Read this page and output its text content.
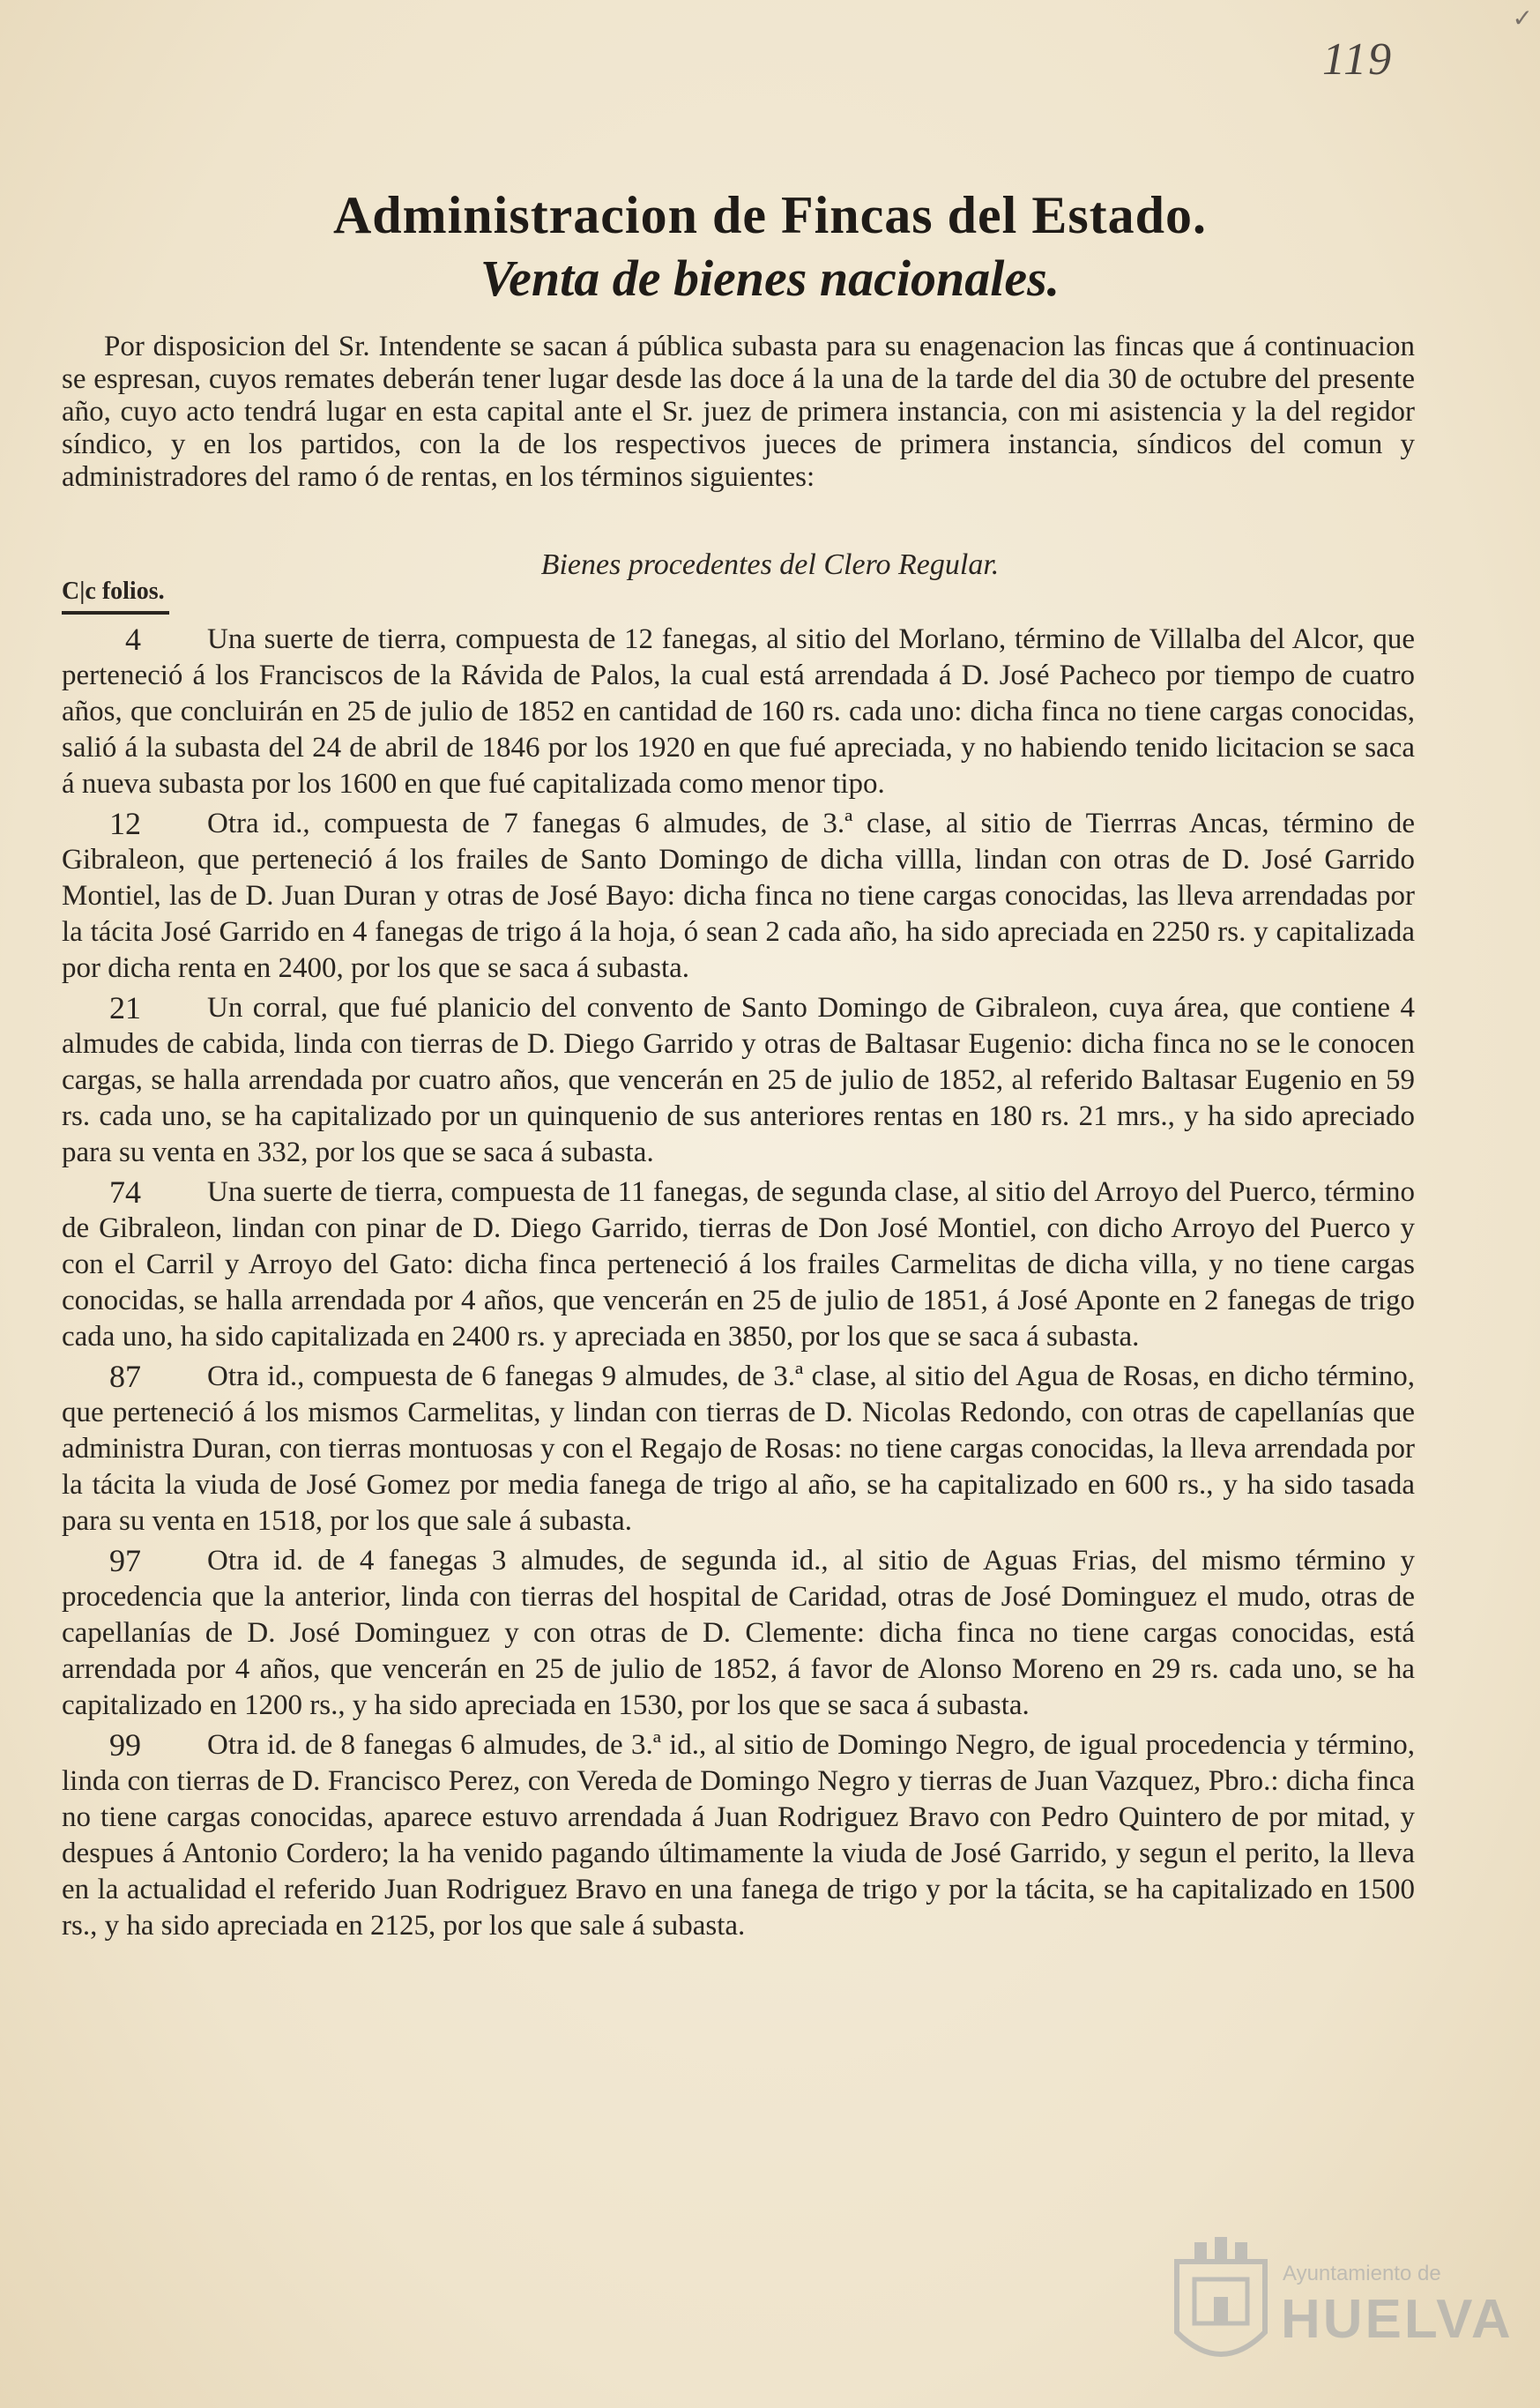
✓
119
Administracion de Fincas del Estado.
Venta de bienes nacionales.
Por disposicion del Sr. Intendente se sacan á pública subasta para su enagenacion las fincas que á continuacion se espresan, cuyos remates deberán tener lugar desde las doce á la una de la tarde del dia 30 de octubre del presente año, cuyo acto tendrá lugar en esta capital ante el Sr. juez de primera instancia, con mi asistencia y la del regidor síndico, y en los partidos, con la de los respectivos jueces de primera instancia, síndicos del comun y administradores del ramo ó de rentas, en los términos siguientes:
Bienes procedentes del Clero Regular.
C|c folios.
4	Una suerte de tierra, compuesta de 12 fanegas, al sitio del Morlano, término de Villalba del Alcor, que perteneció á los Franciscos de la Rávida de Palos, la cual está arrendada á D. José Pacheco por tiempo de cuatro años, que concluirán en 25 de julio de 1852 en cantidad de 160 rs. cada uno: dicha finca no tiene cargas conocidas, salió á la subasta del 24 de abril de 1846 por los 1920 en que fué apreciada, y no habiendo tenido licitacion se saca á nueva subasta por los 1600 en que fué capitalizada como menor tipo.
12	Otra id., compuesta de 7 fanegas 6 almudes, de 3.ª clase, al sitio de Tierrras Ancas, término de Gibraleon, que perteneció á los frailes de Santo Domingo de dicha villla, lindan con otras de D. José Garrido Montiel, las de D. Juan Duran y otras de José Bayo: dicha finca no tiene cargas conocidas, las lleva arrendadas por la tácita José Garrido en 4 fanegas de trigo á la hoja, ó sean 2 cada año, ha sido apreciada en 2250 rs. y capitalizada por dicha renta en 2400, por los que se saca á subasta.
21	Un corral, que fué planicio del convento de Santo Domingo de Gibraleon, cuya área, que contiene 4 almudes de cabida, linda con tierras de D. Diego Garrido y otras de Baltasar Eugenio: dicha finca no se le conocen cargas, se halla arrendada por cuatro años, que vencerán en 25 de julio de 1852, al referido Baltasar Eugenio en 59 rs. cada uno, se ha capitalizado por un quinquenio de sus anteriores rentas en 180 rs. 21 mrs., y ha sido apreciado para su venta en 332, por los que se saca á subasta.
74	Una suerte de tierra, compuesta de 11 fanegas, de segunda clase, al sitio del Arroyo del Puerco, término de Gibraleon, lindan con pinar de D. Diego Garrido, tierras de Don José Montiel, con dicho Arroyo del Puerco y con el Carril y Arroyo del Gato: dicha finca perteneció á los frailes Carmelitas de dicha villa, y no tiene cargas conocidas, se halla arrendada por 4 años, que vencerán en 25 de julio de 1851, á José Aponte en 2 fanegas de trigo cada uno, ha sido capitalizada en 2400 rs. y apreciada en 3850, por los que se saca á subasta.
87	Otra id., compuesta de 6 fanegas 9 almudes, de 3.ª clase, al sitio del Agua de Rosas, en dicho término, que perteneció á los mismos Carmelitas, y lindan con tierras de D. Nicolas Redondo, con otras de capellanías que administra Duran, con tierras montuosas y con el Regajo de Rosas: no tiene cargas conocidas, la lleva arrendada por la tácita la viuda de José Gomez por media fanega de trigo al año, se ha capitalizado en 600 rs., y ha sido tasada para su venta en 1518, por los que sale á subasta.
97	Otra id. de 4 fanegas 3 almudes, de segunda id., al sitio de Aguas Frias, del mismo término y procedencia que la anterior, linda con tierras del hospital de Caridad, otras de José Dominguez el mudo, otras de capellanías de D. José Dominguez y con otras de D. Clemente: dicha finca no tiene cargas conocidas, está arrendada por 4 años, que vencerán en 25 de julio de 1852, á favor de Alonso Moreno en 29 rs. cada uno, se ha capitalizado en 1200 rs., y ha sido apreciada en 1530, por los que se saca á subasta.
99	Otra id. de 8 fanegas 6 almudes, de 3.ª id., al sitio de Domingo Negro, de igual procedencia y término, linda con tierras de D. Francisco Perez, con Vereda de Domingo Negro y tierras de Juan Vazquez, Pbro.: dicha finca no tiene cargas conocidas, aparece estuvo arrendada á Juan Rodriguez Bravo con Pedro Quintero de por mitad, y despues á Antonio Cordero; la ha venido pagando últimamente la viuda de José Garrido, y segun el perito, la lleva en la actualidad el referido Juan Rodriguez Bravo en una fanega de trigo y por la tácita, se ha capitalizado en 1500 rs., y ha sido apreciada en 2125, por los que sale á subasta.
Ayuntamiento de
HUELVA
